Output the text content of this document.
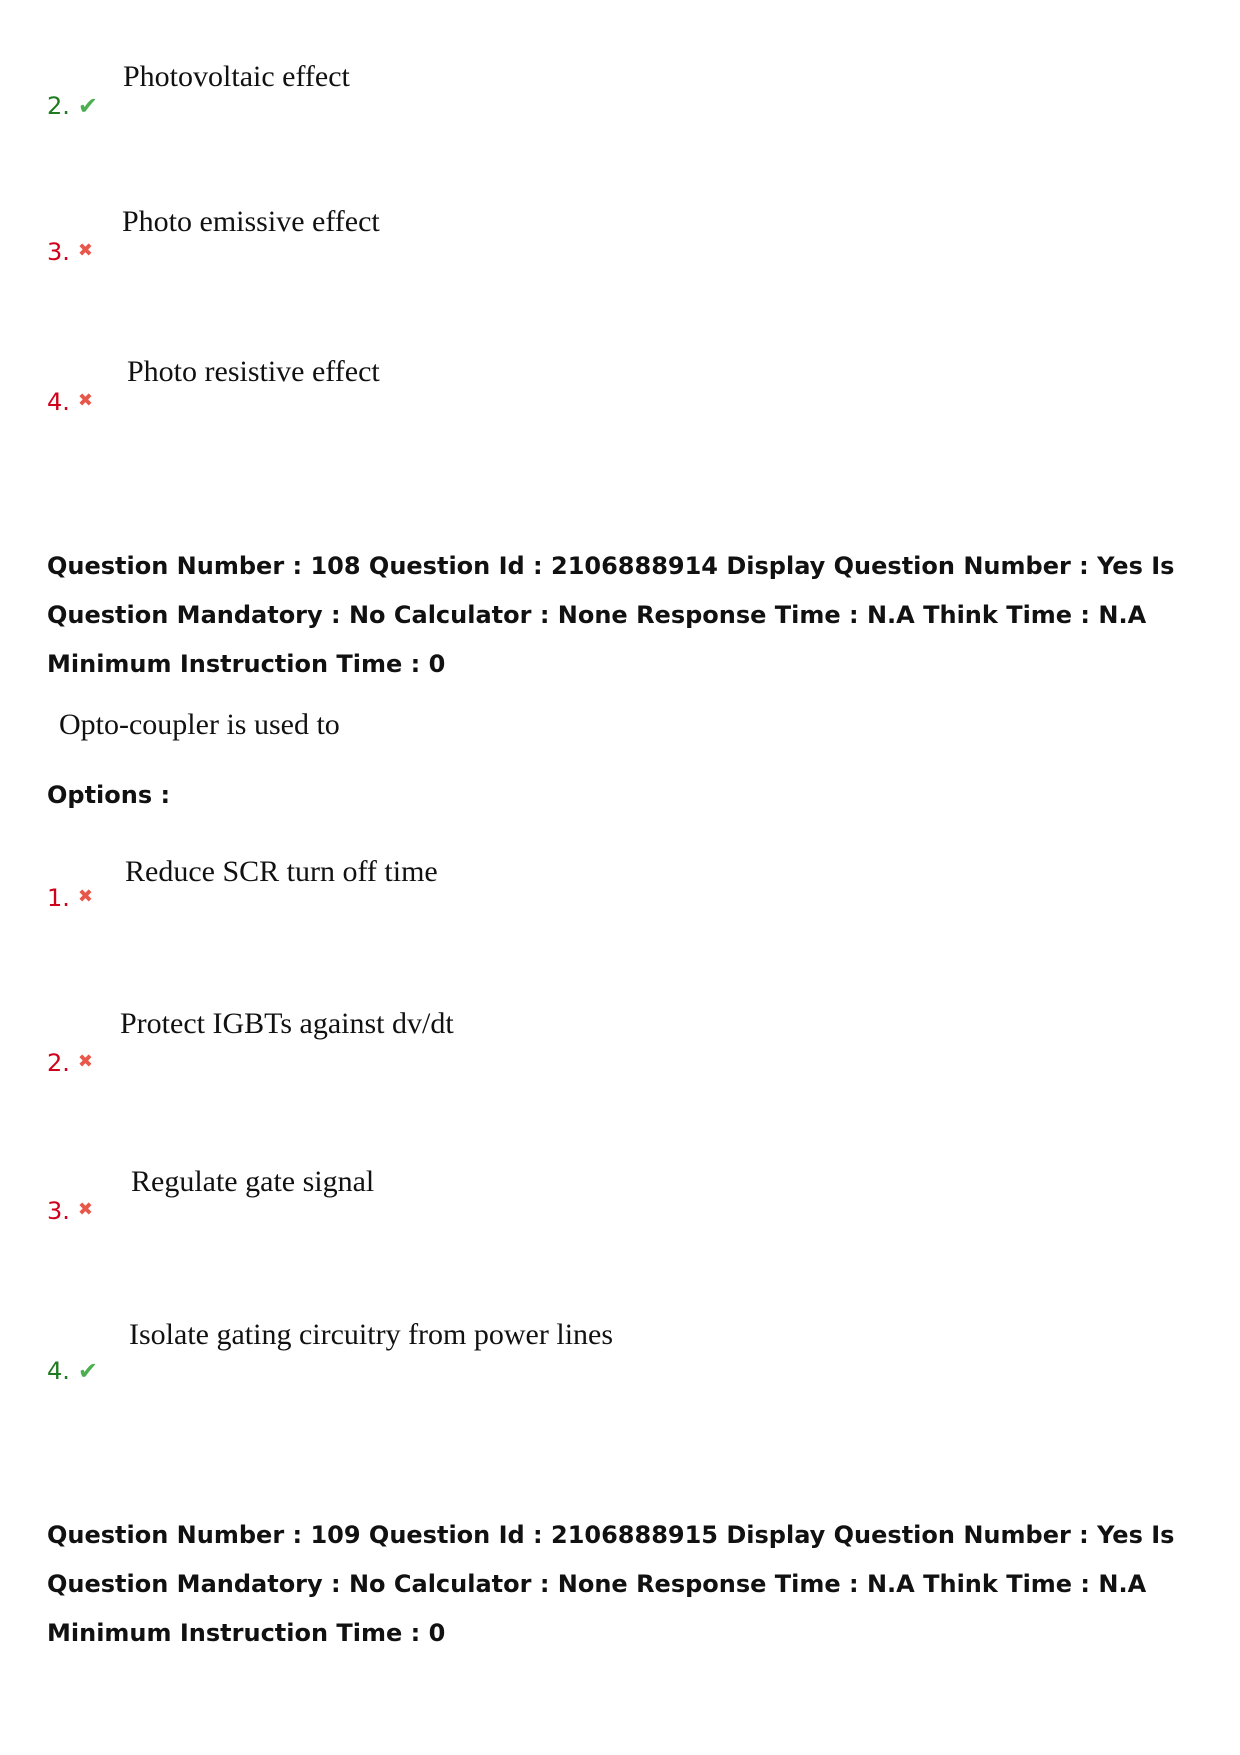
2. ✔
Photovoltaic effect
3. ✖
Photo emissive effect
4. ✖
Photo resistive effect
Question Number : 108 Question Id : 2106888914 Display Question Number : Yes Is Question Mandatory : No Calculator : None Response Time : N.A Think Time : N.A Minimum Instruction Time : 0
Opto-coupler is used to
Options :
1. ✖
Reduce SCR turn off time
2. ✖
Protect IGBTs against dv/dt
3. ✖
Regulate gate signal
4. ✔
Isolate gating circuitry from power lines
Question Number : 109 Question Id : 2106888915 Display Question Number : Yes Is Question Mandatory : No Calculator : None Response Time : N.A Think Time : N.A Minimum Instruction Time : 0
